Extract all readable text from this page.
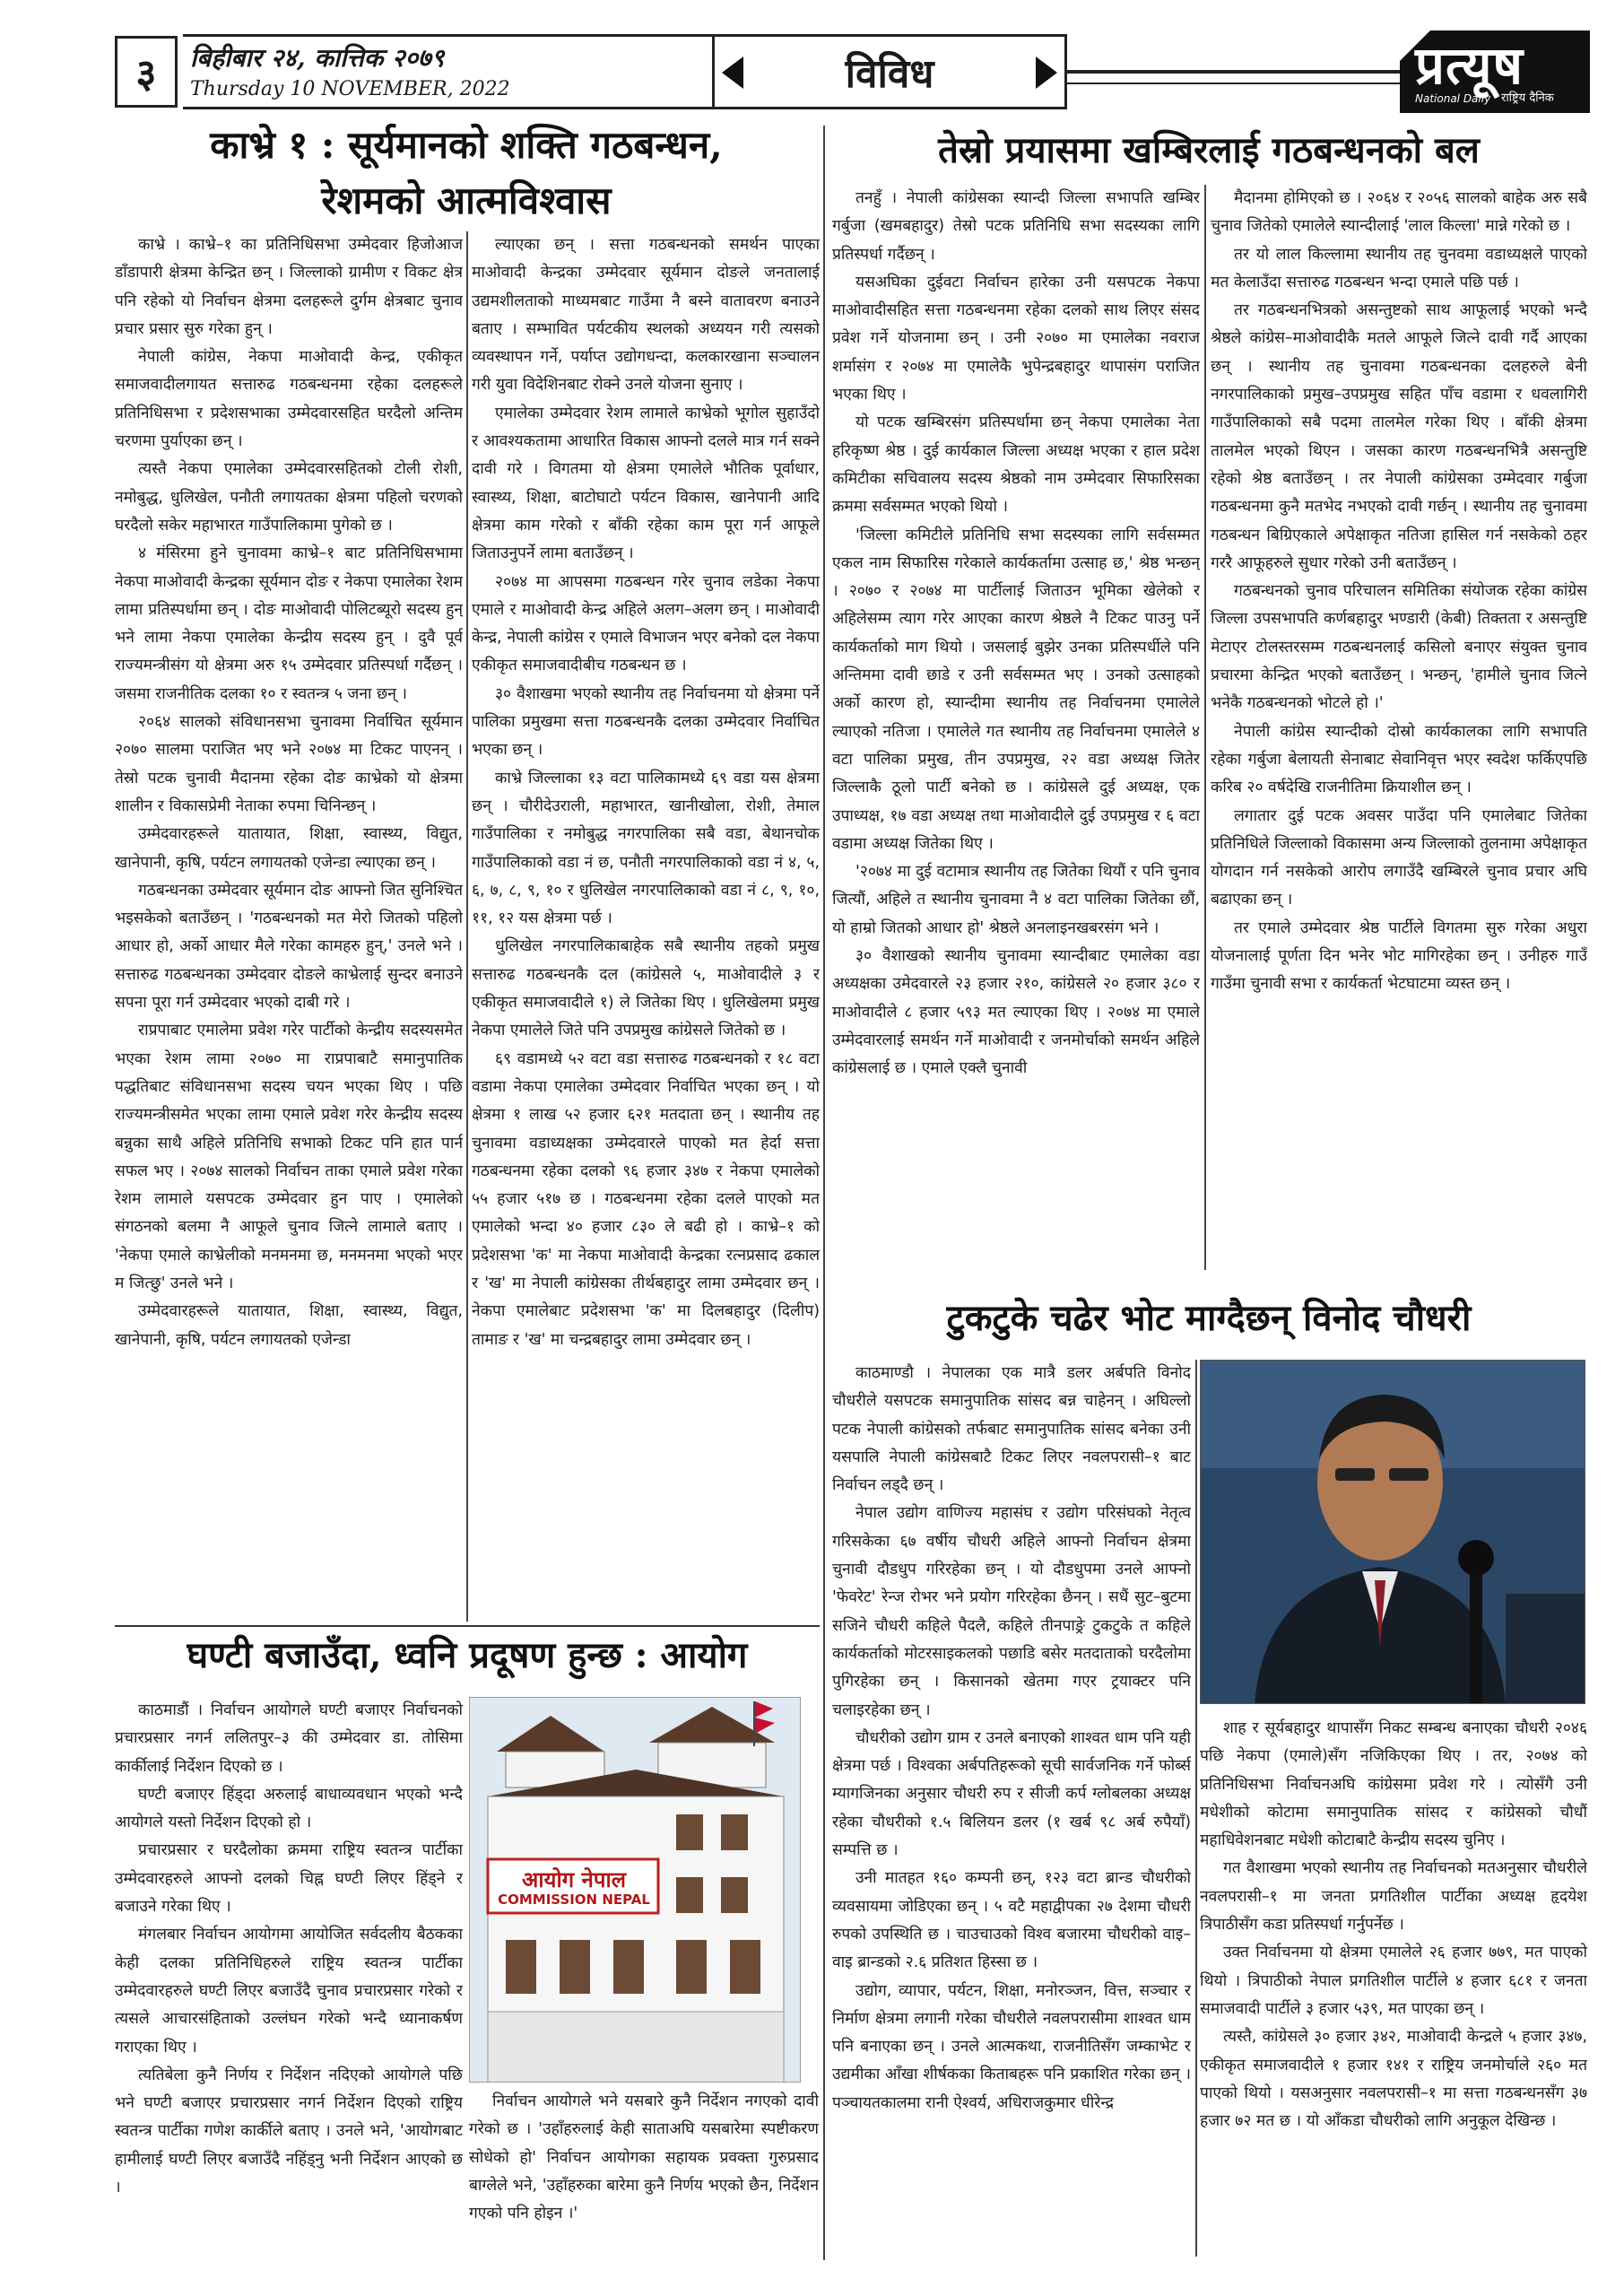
३	बिहीबार २४, कात्तिक २०७९
Thursday 10 NOVEMBER, 2022	विविध	प्रत्यूष
National Daily राष्ट्रिय दैनिक
काभ्रे १ : सूर्यमानको शक्ति गठबन्धन,
रेशमको आत्मविश्वास

काभ्रे । काभ्रे–१ का प्रतिनिधिसभा उम्मेदवार हिजोआज डाँडापारी क्षेत्रमा केन्द्रित छन् । जिल्लाको ग्रामीण र विकट क्षेत्र पनि रहेको यो निर्वाचन क्षेत्रमा दलहरूले दुर्गम क्षेत्रबाट चुनाव प्रचार प्रसार सुरु गरेका हुन् ।

नेपाली कांग्रेस, नेकपा माओवादी केन्द्र, एकीकृत समाजवादीलगायत सत्तारुढ गठबन्धनमा रहेका दलहरूले प्रतिनिधिसभा र प्रदेशसभाका उम्मेदवारसहित घरदैलो अन्तिम चरणमा पुर्याएका छन् ।

त्यस्तै नेकपा एमालेका उम्मेदवारसहितको टोली रोशी, नमोबुद्ध, धुलिखेल, पनौती लगायतका क्षेत्रमा पहिलो चरणको घरदैलो सकेर महाभारत गाउँपालिकामा पुगेको छ ।

४ मंसिरमा हुने चुनावमा काभ्रे–१ बाट प्रतिनिधिसभामा नेकपा माओवादी केन्द्रका सूर्यमान दोङ र नेकपा एमालेका रेशम लामा प्रतिस्पर्धामा छन् । दोङ माओवादी पोलिटब्यूरो सदस्य हुन् भने लामा नेकपा एमालेका केन्द्रीय सदस्य हुन् । दुवै पूर्व राज्यमन्त्रीसंग यो क्षेत्रमा अरु १५ उम्मेदवार प्रतिस्पर्धा गर्दैछन् । जसमा राजनीतिक दलका १० र स्वतन्त्र ५ जना छन् ।

२०६४ सालको संविधानसभा चुनावमा निर्वाचित सूर्यमान २०७० सालमा पराजित भए भने २०७४ मा टिकट पाएनन् । तेस्रो पटक चुनावी मैदानमा रहेका दोङ काभ्रेको यो क्षेत्रमा शालीन र विकासप्रेमी नेताका रुपमा चिनिन्छन् ।

उम्मेदवारहरूले यातायात, शिक्षा, स्वास्थ्य, विद्युत, खानेपानी, कृषि, पर्यटन लगायतको एजेन्डा ल्याएका छन् ।

गठबन्धनका उम्मेदवार सूर्यमान दोङ आफ्नो जित सुनिश्चित भइसकेको बताउँछन् । 'गठबन्धनको मत मेरो जितको पहिलो आधार हो, अर्को आधार मैले गरेका कामहरु हुन्,' उनले भने । सत्तारुढ गठबन्धनका उम्मेदवार दोङले काभ्रेलाई सुन्दर बनाउने सपना पूरा गर्न उम्मेदवार भएको दाबी गरे ।

राप्रपाबाट एमालेमा प्रवेश गरेर पार्टीको केन्द्रीय सदस्यसमेत भएका रेशम लामा २०७० मा राप्रपाबाटै समानुपातिक पद्धतिबाट संविधानसभा सदस्य चयन भएका थिए । पछि राज्यमन्त्रीसमेत भएका लामा एमाले प्रवेश गरेर केन्द्रीय सदस्य बन्नुका साथै अहिले प्रतिनिधि सभाको टिकट पनि हात पार्न सफल भए । २०७४ सालको निर्वाचन ताका एमाले प्रवेश गरेका रेशम लामाले यसपटक उम्मेदवार हुन पाए । एमालेको संगठनको बलमा नै आफूले चुनाव जित्ने लामाले बताए । 'नेकपा एमाले काभ्रेलीको मनमनमा छ, मनमनमा भएको भएर म जित्छु' उनले भने ।

उम्मेदवारहरूले यातायात, शिक्षा, स्वास्थ्य, विद्युत, खानेपानी, कृषि, पर्यटन लगायतको एजेन्डा

ल्याएका छन् । सत्ता गठबन्धनको समर्थन पाएका माओवादी केन्द्रका उम्मेदवार सूर्यमान दोङले जनतालाई उद्यमशीलताको माध्यमबाट गाउँमा नै बस्ने वातावरण बनाउने बताए । सम्भावित पर्यटकीय स्थलको अध्ययन गरी त्यसको व्यवस्थापन गर्ने, पर्याप्त उद्योगधन्दा, कलकारखाना सञ्चालन गरी युवा विदेशिनबाट रोक्ने उनले योजना सुनाए ।

एमालेका उम्मेदवार रेशम लामाले काभ्रेको भूगोल सुहाउँदो र आवश्यकतामा आधारित विकास आफ्नो दलले मात्र गर्न सक्ने दावी गरे । विगतमा यो क्षेत्रमा एमालेले भौतिक पूर्वाधार, स्वास्थ्य, शिक्षा, बाटोघाटो पर्यटन विकास, खानेपानी आदि क्षेत्रमा काम गरेको र बाँकी रहेका काम पूरा गर्न आफूले जिताउनुपर्ने लामा बताउँछन् ।

२०७४ मा आपसमा गठबन्धन गरेर चुनाव लडेका नेकपा एमाले र माओवादी केन्द्र अहिले अलग–अलग छन् । माओवादी केन्द्र, नेपाली कांग्रेस र एमाले विभाजन भएर बनेको दल नेकपा एकीकृत समाजवादीबीच गठबन्धन छ ।

३० वैशाखमा भएको स्थानीय तह निर्वाचनमा यो क्षेत्रमा पर्ने पालिका प्रमुखमा सत्ता गठबन्धनकै दलका उम्मेदवार निर्वाचित भएका छन् ।

काभ्रे जिल्लाका १३ वटा पालिकामध्ये ६९ वडा यस क्षेत्रमा छन् । चौरीदेउराली, महाभारत, खानीखोला, रोशी, तेमाल गाउँपालिका र नमोबुद्ध नगरपालिका सबै वडा, बेथानचोक गाउँपालिकाको वडा नं छ, पनौती नगरपालिकाको वडा नं ४, ५, ६, ७, ८, ९, १० र धुलिखेल नगरपालिकाको वडा नं ८, ९, १०, ११, १२ यस क्षेत्रमा पर्छ ।

धुलिखेल नगरपालिकाबाहेक सबै स्थानीय तहको प्रमुख सत्तारुढ गठबन्धनकै दल (कांग्रेसले ५, माओवादीले ३ र एकीकृत समाजवादीले १) ले जितेका थिए । धुलिखेलमा प्रमुख नेकपा एमालेले जिते पनि उपप्रमुख कांग्रेसले जितेको छ ।

६९ वडामध्ये ५२ वटा वडा सत्तारुढ गठबन्धनको र १८ वटा वडामा नेकपा एमालेका उम्मेदवार निर्वाचित भएका छन् । यो क्षेत्रमा १ लाख ५२ हजार ६२१ मतदाता छन् । स्थानीय तह चुनावमा वडाध्यक्षका उम्मेदवारले पाएको मत हेर्दा सत्ता गठबन्धनमा रहेका दलको ९६ हजार ३४७ र नेकपा एमालेको ५५ हजार ५१७ छ । गठबन्धनमा रहेका दलले पाएको मत एमालेको भन्दा ४० हजार ८३० ले बढी हो । काभ्रे–१ को प्रदेशसभा 'क' मा नेकपा माओवादी केन्द्रका रत्नप्रसाद ढकाल र 'ख' मा नेपाली कांग्रेसका तीर्थबहादुर लामा उम्मेदवार छन् । नेकपा एमालेबाट प्रदेशसभा 'क' मा दिलबहादुर (दिलीप) तामाङ र 'ख' मा चन्द्रबहादुर लामा उम्मेदवार छन् ।

तेस्रो प्रयासमा खम्बिरलाई गठबन्धनको बल

तनहुँ । नेपाली कांग्रेसका स्यान्दी जिल्ला सभापति खम्बिर गर्बुजा (खमबहादुर) तेस्रो पटक प्रतिनिधि सभा सदस्यका लागि प्रतिस्पर्धा गर्दैछन् ।

यसअघिका दुईवटा निर्वाचन हारेका उनी यसपटक नेकपा माओवादीसहित सत्ता गठबन्धनमा रहेका दलको साथ लिएर संसद प्रवेश गर्ने योजनामा छन् । उनी २०७० मा एमालेका नवराज शर्मासंग र २०७४ मा एमालेकै भुपेन्द्रबहादुर थापासंग पराजित भएका थिए ।

यो पटक खम्बिरसंग प्रतिस्पर्धामा छन् नेकपा एमालेका नेता हरिकृष्ण श्रेष्ठ । दुई कार्यकाल जिल्ला अध्यक्ष भएका र हाल प्रदेश कमिटीका सचिवालय सदस्य श्रेष्ठको नाम उम्मेदवार सिफारिसका क्रममा सर्वसम्मत भएको थियो ।

'जिल्ला कमिटीले प्रतिनिधि सभा सदस्यका लागि सर्वसम्मत एकल नाम सिफारिस गरेकाले कार्यकर्तामा उत्साह छ,' श्रेष्ठ भन्छन् । २०७० र २०७४ मा पार्टीलाई जिताउन भूमिका खेलेको र अहिलेसम्म त्याग गरेर आएका कारण श्रेष्ठले नै टिकट पाउनु पर्ने कार्यकर्ताको माग थियो । जसलाई बुझेर उनका प्रतिस्पर्धीले पनि अन्तिममा दावी छाडे र उनी सर्वसम्मत भए । उनको उत्साहको अर्को कारण हो, स्यान्दीमा स्थानीय तह निर्वाचनमा एमालेले ल्याएको नतिजा । एमालेले गत स्थानीय तह निर्वाचनमा एमालेले ४ वटा पालिका प्रमुख, तीन उपप्रमुख, २२ वडा अध्यक्ष जितेर जिल्लाकै ठूलो पार्टी बनेको छ । कांग्रेसले दुई अध्यक्ष, एक उपाध्यक्ष, १७ वडा अध्यक्ष तथा माओवादीले दुई उपप्रमुख र ६ वटा वडामा अध्यक्ष जितेका थिए ।

'२०७४ मा दुई वटामात्र स्थानीय तह जितेका थियौं र पनि चुनाव जित्यौं, अहिले त स्थानीय चुनावमा नै ४ वटा पालिका जितेका छौं, यो हाम्रो जितको आधार हो' श्रेष्ठले अनलाइनखबरसंग भने ।

३० वैशाखको स्थानीय चुनावमा स्यान्दीबाट एमालेका वडा अध्यक्षका उमेदवारले २३ हजार २१०, कांग्रेसले २० हजार ३८० र माओवादीले ८ हजार ५९३ मत ल्याएका थिए । २०७४ मा एमाले उम्मेदवारलाई समर्थन गर्ने माओवादी र जनमोर्चाको समर्थन अहिले कांग्रेसलाई छ । एमाले एक्लै चुनावी

मैदानमा होमिएको छ । २०६४ र २०५६ सालको बाहेक अरु सबै चुनाव जितेको एमालेले स्यान्दीलाई 'लाल किल्ला' मान्ने गरेको छ ।

तर यो लाल किल्लामा स्थानीय तह चुनवमा वडाध्यक्षले पाएको मत केलाउँदा सत्तारुढ गठबन्धन भन्दा एमाले पछि पर्छ ।

तर गठबन्धनभित्रको असन्तुष्टको साथ आफूलाई भएको भन्दै श्रेष्ठले कांग्रेस–माओवादीकै मतले आफूले जित्ने दावी गर्दै आएका छन् । स्थानीय तह चुनावमा गठबन्धनका दलहरुले बेनी नगरपालिकाको प्रमुख–उपप्रमुख सहित पाँच वडामा र धवलागिरी गाउँपालिकाको सबै पदमा तालमेल गरेका थिए । बाँकी क्षेत्रमा तालमेल भएको थिएन । जसका कारण गठबन्धनभित्रै असन्तुष्टि रहेको श्रेष्ठ बताउँछन् । तर नेपाली कांग्रेसका उम्मेदवार गर्बुजा गठबन्धनमा कुनै मतभेद नभएको दावी गर्छन् । स्थानीय तह चुनावमा गठबन्धन बिग्रिएकाले अपेक्षाकृत नतिजा हासिल गर्न नसकेको ठहर गररै आफूहरुले सुधार गरेको उनी बताउँछन् ।

गठबन्धनको चुनाव परिचालन समितिका संयोजक रहेका कांग्रेस जिल्ला उपसभापति कर्णबहादुर भण्डारी (केबी) तिक्तता र असन्तुष्टि मेटाएर टोलस्तरसम्म गठबन्धनलाई कसिलो बनाएर संयुक्त चुनाव प्रचारमा केन्द्रित भएको बताउँछन् । भन्छन्, 'हामीले चुनाव जित्ने भनेकै गठबन्धनको भोटले हो ।'

नेपाली कांग्रेस स्यान्दीको दोस्रो कार्यकालका लागि सभापति रहेका गर्बुजा बेलायती सेनाबाट सेवानिवृत्त भएर स्वदेश फर्किएपछि करिब २० वर्षदेखि राजनीतिमा क्रियाशील छन् ।

लगातार दुई पटक अवसर पाउँदा पनि एमालेबाट जितेका प्रतिनिधिले जिल्लाको विकासमा अन्य जिल्लाको तुलनामा अपेक्षाकृत योगदान गर्न नसकेको आरोप लगाउँदै खम्बिरले चुनाव प्रचार अघि बढाएका छन् ।

तर एमाले उम्मेदवार श्रेष्ठ पार्टीले विगतमा सुरु गरेका अधुरा योजनालाई पूर्णता दिन भनेर भोट मागिरहेका छन् । उनीहरु गाउँ गाउँमा चुनावी सभा र कार्यकर्ता भेटघाटमा व्यस्त छन् ।

टुकटुके चढेर भोट माग्दैछन् विनोद चौधरी

काठमाण्डौ । नेपालका एक मात्रै डलर अर्बपति विनोद चौधरीले यसपटक समानुपातिक सांसद बन्न चाहेनन् । अघिल्लो पटक नेपाली कांग्रेसको तर्फबाट समानुपातिक सांसद बनेका उनी यसपालि नेपाली कांग्रेसबाटै टिकट लिएर नवलपरासी–१ बाट निर्वाचन लड्दै छन् ।

नेपाल उद्योग वाणिज्य महासंघ र उद्योग परिसंघको नेतृत्व गरिसकेका ६७ वर्षीय चौधरी अहिले आफ्नो निर्वाचन क्षेत्रमा चुनावी दौडधुप गरिरहेका छन् । यो दौडधुपमा उनले आफ्नो 'फेवरेट' रेन्ज रोभर भने प्रयोग गरिरहेका छैनन् । सधैं सुट–बुटमा सजिने चौधरी कहिले पैदलै, कहिले तीनपाङ्रे टुकटुके त कहिले कार्यकर्ताको मोटरसाइकलको पछाडि बसेर मतदाताको घरदैलोमा पुगिरहेका छन् । किसानको खेतमा गएर ट्रयाक्टर पनि चलाइरहेका छन् ।

चौधरीको उद्योग ग्राम र उनले बनाएको शाश्वत धाम पनि यही क्षेत्रमा पर्छ । विश्वका अर्बपतिहरूको सूची सार्वजनिक गर्ने फोर्ब्स म्यागजिनका अनुसार चौधरी रुप र सीजी कर्प ग्लोबलका अध्यक्ष रहेका चौधरीको १.५ बिलियन डलर (१ खर्ब ९८ अर्ब रुपैयाँ) सम्पत्ति छ ।

उनी मातहत १६० कम्पनी छन्, १२३ वटा ब्रान्ड चौधरीको व्यवसायमा जोडिएका छन् । ५ वटै महाद्वीपका २७ देशमा चौधरी रुपको उपस्थिति छ । चाउचाउको विश्व बजारमा चौधरीको वाइ–वाइ ब्रान्डको २.६ प्रतिशत हिस्सा छ ।

उद्योग, व्यापार, पर्यटन, शिक्षा, मनोरञ्जन, वित्त, सञ्चार र निर्माण क्षेत्रमा लगानी गरेका चौधरीले नवलपरासीमा शाश्वत धाम पनि बनाएका छन् । उनले आत्मकथा, राजनीतिसँग जम्काभेट र उद्यमीका आँखा शीर्षकका किताबहरू पनि प्रकाशित गरेका छन् । पञ्चायतकालमा रानी ऐश्वर्य, अधिराजकुमार धीरेन्द्र

शाह र सूर्यबहादुर थापासँग निकट सम्बन्ध बनाएका चौधरी २०४६ पछि नेकपा (एमाले)सँग नजिकिएका थिए । तर, २०७४ को प्रतिनिधिसभा निर्वाचनअघि कांग्रेसमा प्रवेश गरे । त्योसँगै उनी मधेशीको कोटामा समानुपातिक सांसद र कांग्रेसको चौधौं महाधिवेशनबाट मधेशी कोटाबाटै केन्द्रीय सदस्य चुनिए ।

गत वैशाखमा भएको स्थानीय तह निर्वाचनको मतअनुसार चौधरीले नवलपरासी–१ मा जनता प्रगतिशील पार्टीका अध्यक्ष हृदयेश त्रिपाठीसँग कडा प्रतिस्पर्धा गर्नुपर्नेछ ।

उक्त निर्वाचनमा यो क्षेत्रमा एमालेले २६ हजार ७७९, मत पाएको थियो । त्रिपाठीको नेपाल प्रगतिशील पार्टीले ४ हजार ६८१ र जनता समाजवादी पार्टीले ३ हजार ५३९, मत पाएका छन् ।

त्यस्तै, कांग्रेसले ३० हजार ३४२, माओवादी केन्द्रले ५ हजार ३४७, एकीकृत समाजवादीले १ हजार १४१ र राष्ट्रिय जनमोर्चाले २६० मत पाएको थियो । यसअनुसार नवलपरासी–१ मा सत्ता गठबन्धनसँग ३७ हजार ७२ मत छ । यो आँकडा चौधरीको लागि अनुकूल देखिन्छ ।

घण्टी बजाउँदा, ध्वनि प्रदूषण हुन्छ : आयोग

काठमाडौं । निर्वाचन आयोगले घण्टी बजाएर निर्वाचनको प्रचारप्रसार नगर्न ललितपुर–३ की उम्मेदवार डा. तोसिमा कार्कीलाई निर्देशन दिएको छ ।

घण्टी बजाएर हिंड्दा अरुलाई बाधाव्यवधान भएको भन्दै आयोगले यस्तो निर्देशन दिएको हो ।

प्रचारप्रसार र घरदैलोका क्रममा राष्ट्रिय स्वतन्त्र पार्टीका उम्मेदवारहरुले आफ्नो दलको चिह्न घण्टी लिएर हिंड्ने र बजाउने गरेका थिए ।

मंगलबार निर्वाचन आयोगमा आयोजित सर्वदलीय बैठकका केही दलका प्रतिनिधिहरुले राष्ट्रिय स्वतन्त्र पार्टीका उम्मेदवारहरुले घण्टी लिएर बजाउँदै चुनाव प्रचारप्रसार गरेको र त्यसले आचारसंहिताको उल्लंघन गरेको भन्दै ध्यानाकर्षण गराएका थिए ।

त्यतिबेला कुनै निर्णय र निर्देशन नदिएको आयोगले पछि भने घण्टी बजाएर प्रचारप्रसार नगर्न निर्देशन दिएको राष्ट्रिय स्वतन्त्र पार्टीका गणेश कार्कीले बताए । उनले भने, 'आयोगबाट हामीलाई घण्टी लिएर बजाउँदै नहिंड्नु भनी निर्देशन आएको छ ।

आयोग नेपाल
COMMISSION NEPAL

निर्वाचन आयोगले भने यसबारे कुनै निर्देशन नगएको दावी गरेको छ । 'उहाँहरुलाई केही साताअघि यसबारेमा स्पष्टीकरण सोधेको हो' निर्वाचन आयोगका सहायक प्रवक्ता गुरुप्रसाद बाग्लेले भने, 'उहाँहरुका बारेमा कुनै निर्णय भएको छैन, निर्देशन गएको पनि होइन ।'
